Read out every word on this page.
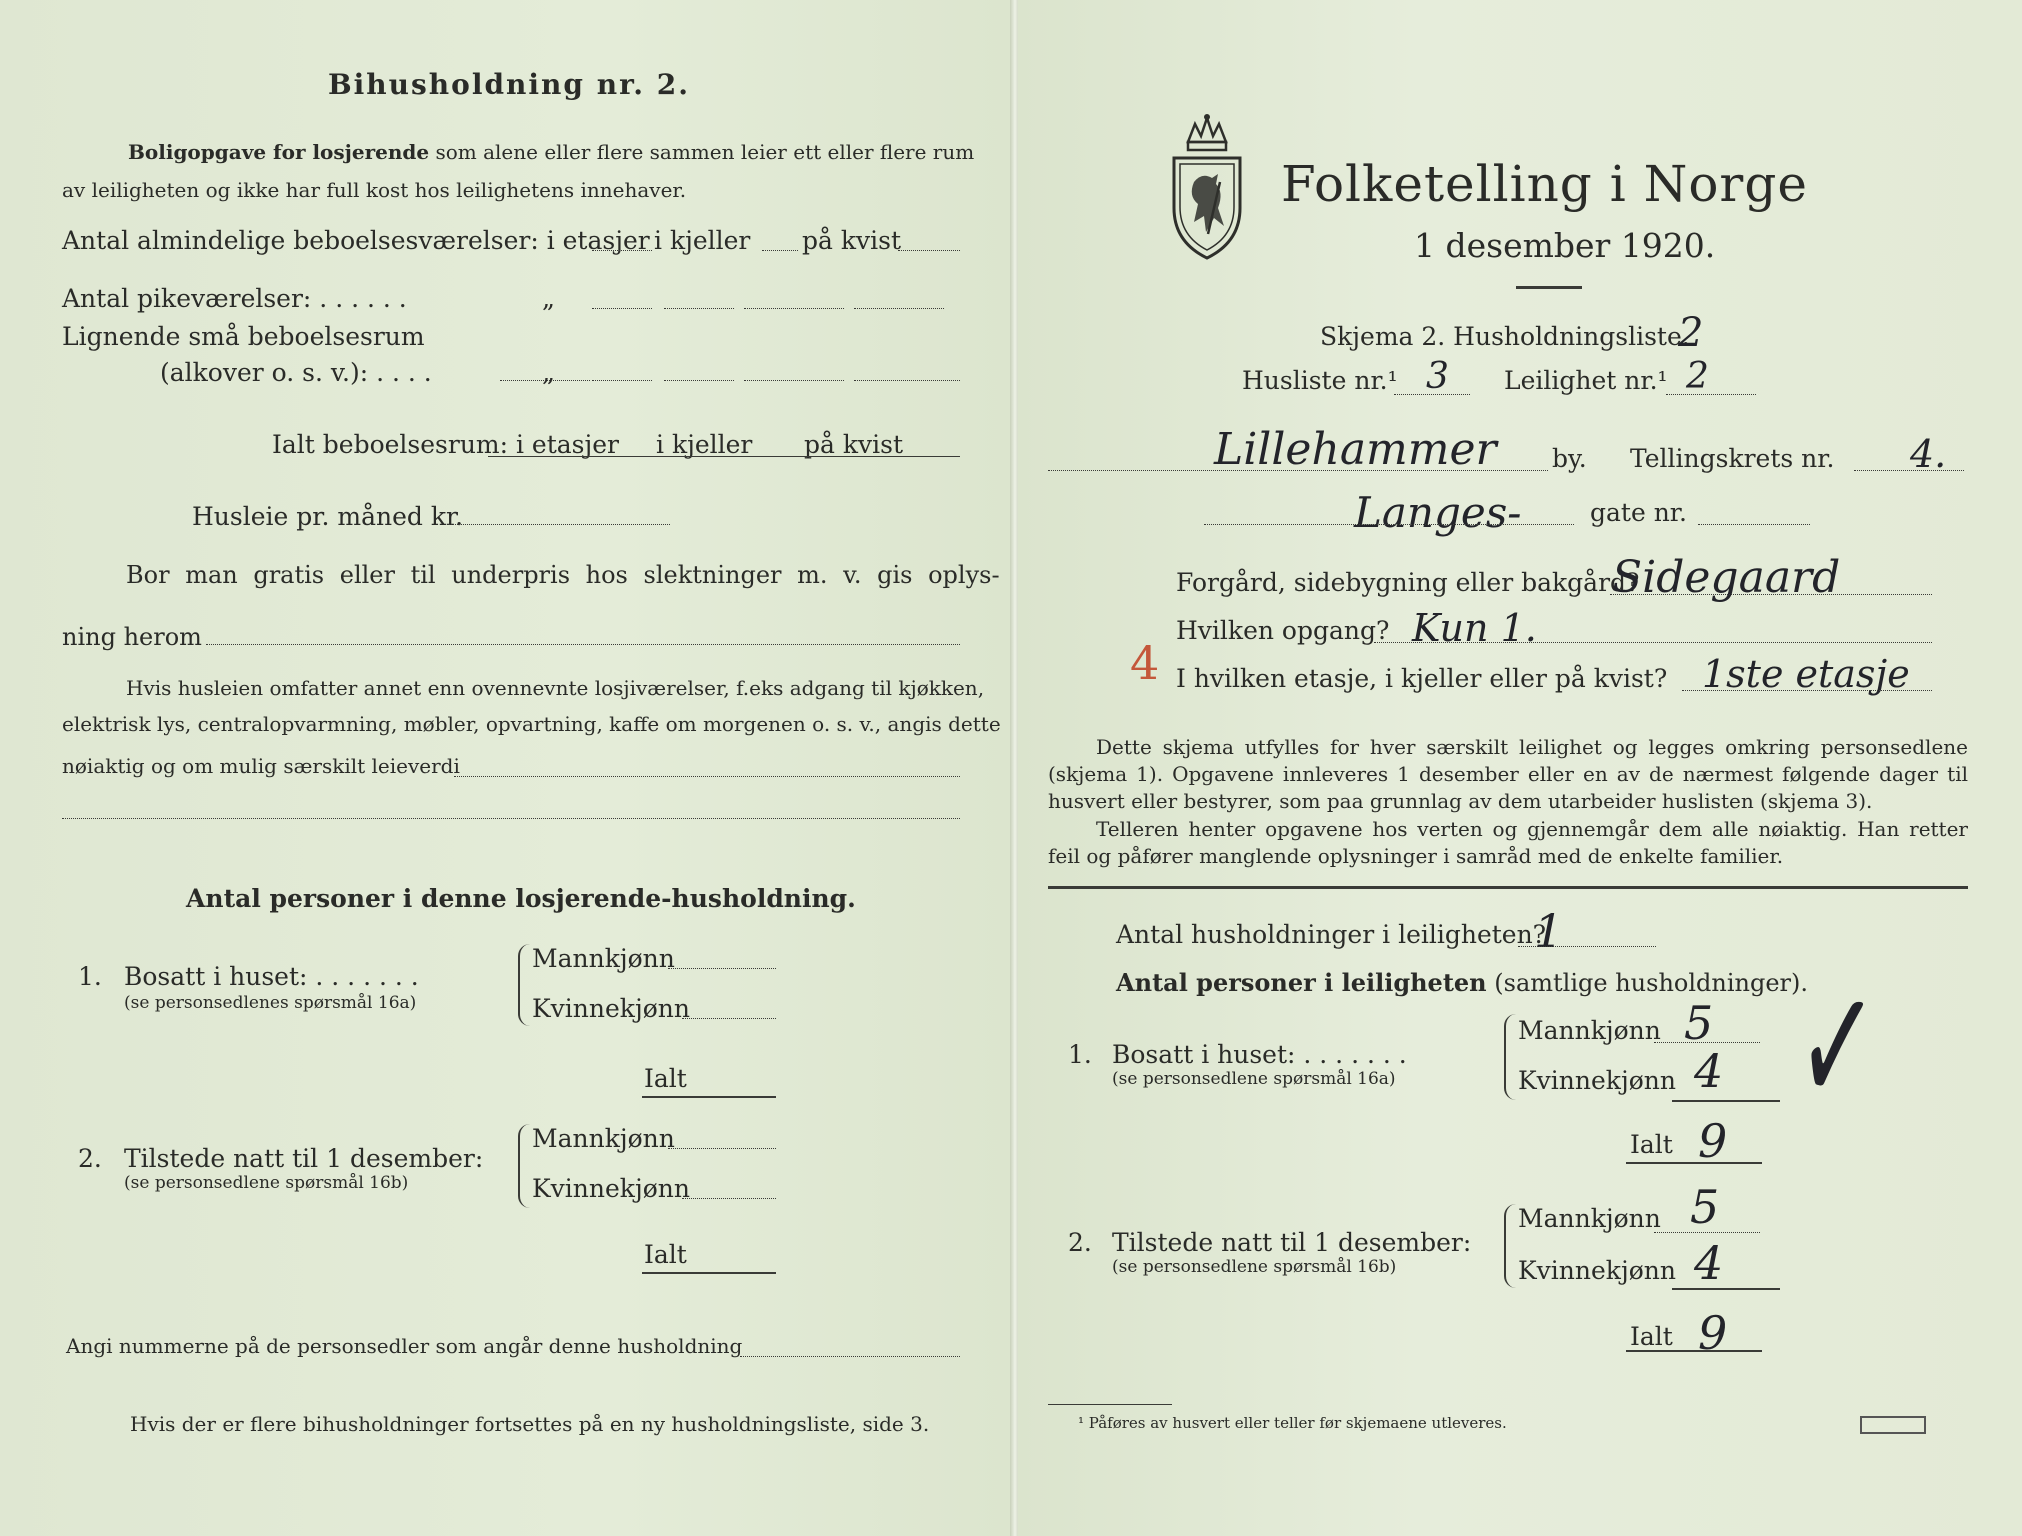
Bihusholdning nr. 2.
Boligopgave for losjerende som alene eller flere sammen leier ett eller flere rum
av leiligheten og ikke har full kost hos leilighetens innehaver.
Antal almindelige beboelsesværelser: i etasjer i kjeller på kvist
Antal pikeværelser: . . . . . .	„
Lignende små beboelsesrum
(alkover o. s. v.): . . . .	„
Ialt beboelsesrum: i etasjer i kjeller på kvist
Husleie pr. måned kr.
Bor man gratis eller til underpris hos slektninger m. v. gis oplys-
ning herom
Hvis husleien omfatter annet enn ovennevnte losjiværelser, f.eks adgang til kjøkken,
elektrisk lys, centralopvarmning, møbler, opvartning, kaffe om morgenen o. s. v., angis dette
nøiaktig og om mulig særskilt leieverdi
Antal personer i denne losjerende-husholdning.
1. Bosatt i huset: . . . . . . .
(se personsedlenes spørsmål 16a)
Mannkjønn
Kvinnekjønn
Ialt
2. Tilstede natt til 1 desember:
(se personsedlene spørsmål 16b)
Mannkjønn
Kvinnekjønn
Ialt
Angi nummerne på de personsedler som angår denne husholdning
Hvis der er flere bihusholdninger fortsettes på en ny husholdningsliste, side 3.
Folketelling i Norge
1 desember 1920.
Skjema 2. Husholdningsliste.
2
Husliste nr.¹ 3 Leilighet nr.¹ 2
Lillehammer by. Tellingskrets nr. 4.
Langes-	gate nr.
Forgård, sidebygning eller bakgård?
Sidegaard
Hvilken opgang? Kun 1.
4 I hvilken etasje, i kjeller eller på kvist? 1ste etasje
Dette skjema utfylles for hver særskilt leilighet og legges omkring personsedlene (skjema 1). Opgavene innleveres 1 desember eller en av de nærmest følgende dager til husvert eller bestyrer, som paa grunnlag av dem utarbeider huslisten (skjema 3).
Telleren henter opgavene hos verten og gjennemgår dem alle nøiaktig. Han retter feil og påfører manglende oplysninger i samråd med de enkelte familier.
Antal husholdninger i leiligheten?
1
Antal personer i leiligheten (samtlige husholdninger).
1. Bosatt i huset: . . . . . . .
(se personsedlene spørsmål 16a)
Mannkjønn 5
Kvinnekjønn 4
Ialt 9
2. Tilstede natt til 1 desember:
(se personsedlene spørsmål 16b)
Mannkjønn 5
Kvinnekjønn 4
Ialt 9
✓
¹ Påføres av husvert eller teller før skjemaene utleveres.
